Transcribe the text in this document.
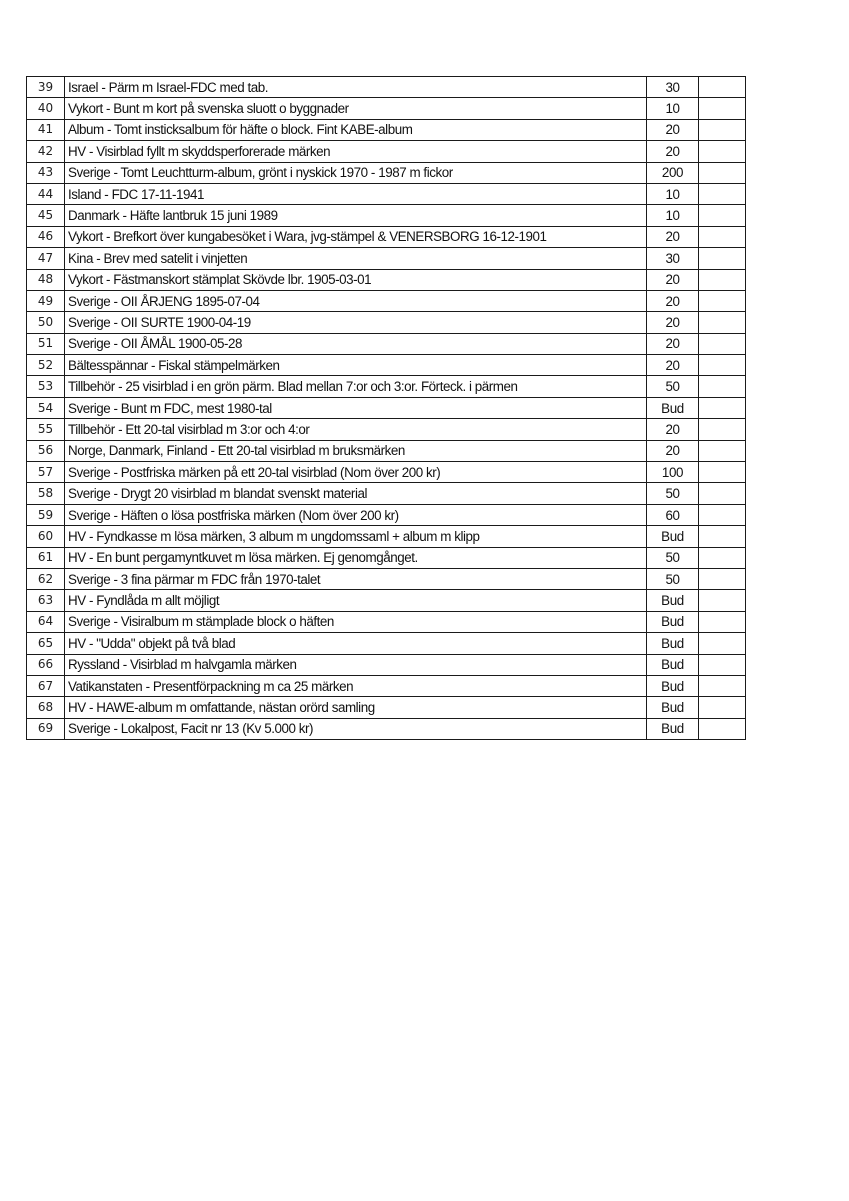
39	Israel - Pärm m Israel-FDC med tab.	30	
40	Vykort - Bunt m kort på svenska sluott o byggnader	10	
41	Album - Tomt insticksalbum för häfte o block. Fint KABE-album	20	
42	HV - Visirblad fyllt m skyddsperforerade märken	20	
43	Sverige - Tomt Leuchtturm-album, grönt i nyskick 1970 - 1987 m fickor	200	
44	Island - FDC 17-11-1941	10	
45	Danmark - Häfte lantbruk 15 juni 1989	10	
46	Vykort - Brefkort över kungabesöket i Wara, jvg-stämpel & VENERSBORG 16-12-1901	20	
47	Kina - Brev med satelit i vinjetten	30	
48	Vykort - Fästmanskort stämplat Skövde lbr. 1905-03-01	20	
49	Sverige - OII ÅRJENG 1895-07-04	20	
50	Sverige - OII SURTE 1900-04-19	20	
51	Sverige - OII ÅMÅL 1900-05-28	20	
52	Bältesspännar - Fiskal stämpelmärken	20	
53	Tillbehör - 25 visirblad i en grön pärm. Blad mellan 7:or och 3:or. Förteck. i pärmen	50	
54	Sverige - Bunt m FDC, mest 1980-tal	Bud	
55	Tillbehör - Ett 20-tal visirblad m 3:or och 4:or	20	
56	Norge, Danmark, Finland - Ett 20-tal visirblad m bruksmärken	20	
57	Sverige - Postfriska märken på ett 20-tal visirblad (Nom över 200 kr)	100	
58	Sverige - Drygt 20 visirblad m blandat svenskt material	50	
59	Sverige - Häften o lösa postfriska märken (Nom över 200 kr)	60	
60	HV - Fyndkasse m lösa märken, 3 album m ungdomssaml + album m klipp	Bud	
61	HV - En bunt pergamyntkuvet m lösa märken. Ej genomgånget.	50	
62	Sverige - 3 fina pärmar m FDC från 1970-talet	50	
63	HV - Fyndlåda m allt möjligt	Bud	
64	Sverige - Visiralbum m stämplade block o häften	Bud	
65	HV - "Udda" objekt på två blad	Bud	
66	Ryssland - Visirblad m halvgamla märken	Bud	
67	Vatikanstaten - Presentförpackning m ca 25 märken	Bud	
68	HV - HAWE-album m omfattande, nästan orörd samling	Bud	
69	Sverige - Lokalpost, Facit nr 13 (Kv 5.000 kr)	Bud	
